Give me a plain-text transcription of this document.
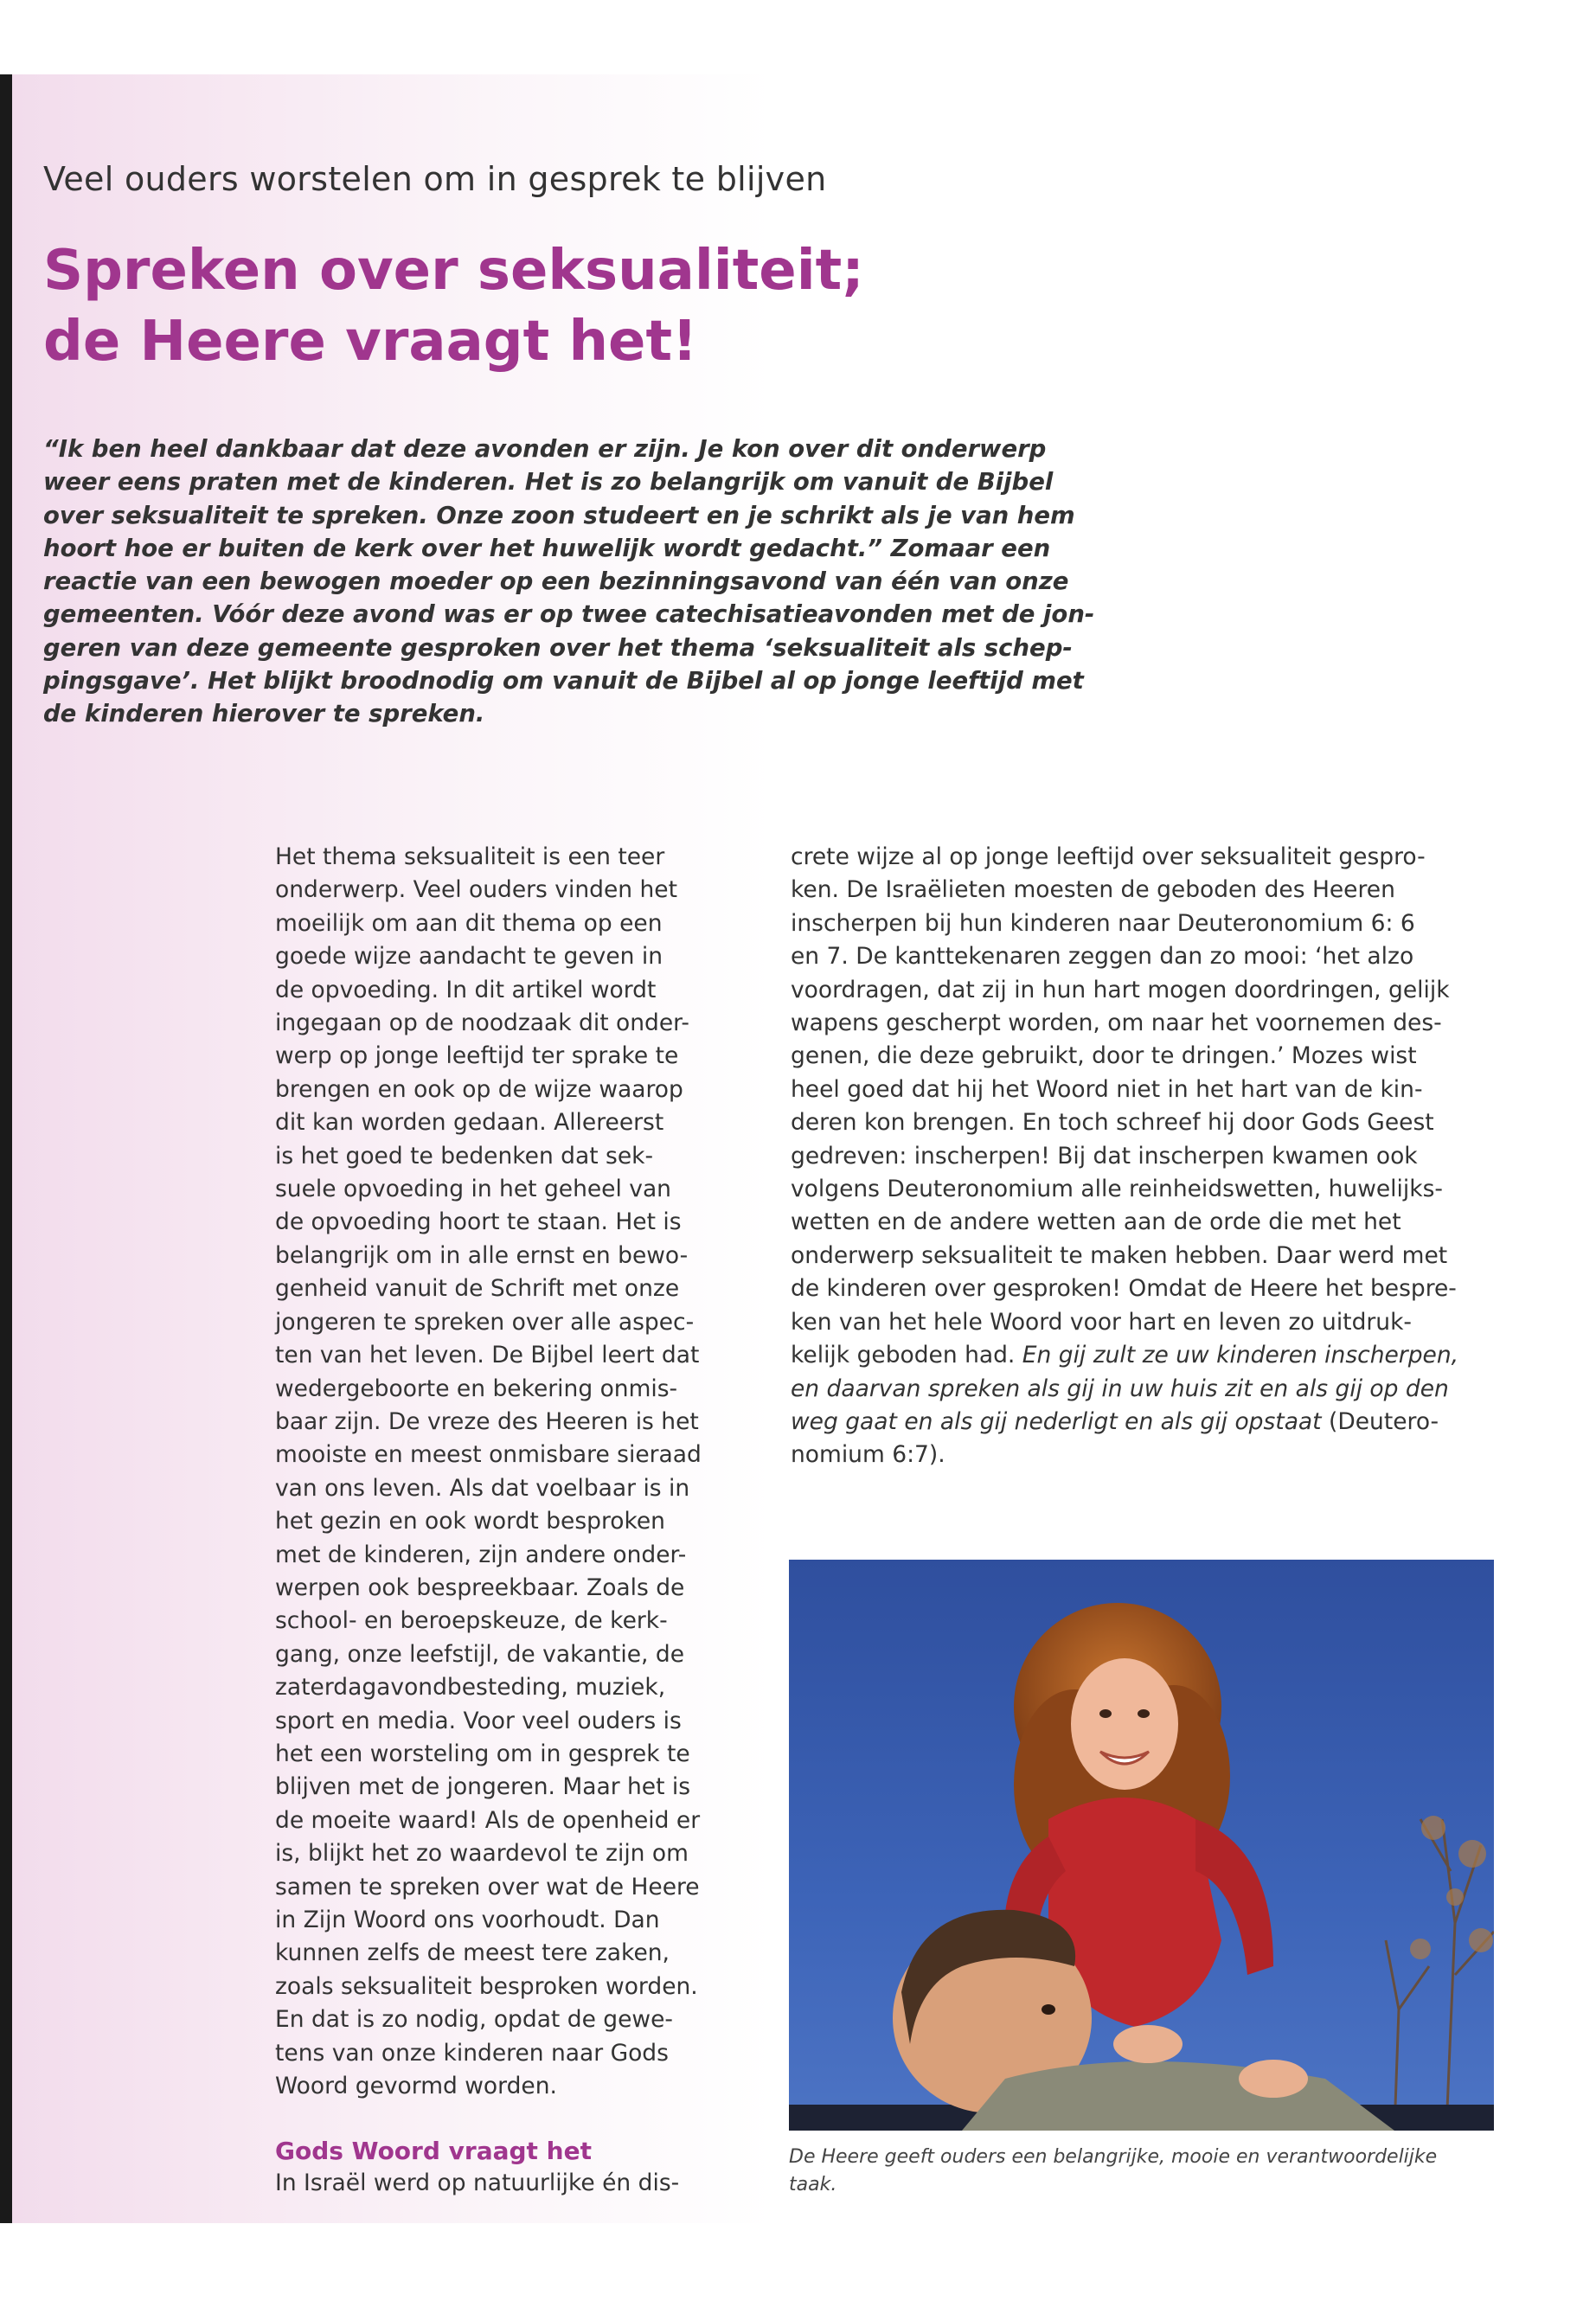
Veel ouders worstelen om in gesprek te blijven
Spreken over seksualiteit;
de Heere vraagt het!
“Ik ben heel dankbaar dat deze avonden er zijn. Je kon over dit onderwerp
weer eens praten met de kinderen. Het is zo belangrijk om vanuit de Bijbel
over seksualiteit te spreken. Onze zoon studeert en je schrikt als je van hem
hoort hoe er buiten de kerk over het huwelijk wordt gedacht.” Zomaar een
reactie van een bewogen moeder op een bezinningsavond van één van onze
gemeenten. Vóór deze avond was er op twee catechisatieavonden met de jon-
geren van deze gemeente gesproken over het thema ‘seksualiteit als schep-
pingsgave’. Het blijkt broodnodig om vanuit de Bijbel al op jonge leeftijd met
de kinderen hierover te spreken.
Het thema seksualiteit is een teer
onderwerp. Veel ouders vinden het
moeilijk om aan dit thema op een
goede wijze aandacht te geven in
de opvoeding. In dit artikel wordt
ingegaan op de noodzaak dit onder-
werp op jonge leeftijd ter sprake te
brengen en ook op de wijze waarop
dit kan worden gedaan. Allereerst
is het goed te bedenken dat sek-
suele opvoeding in het geheel van
de opvoeding hoort te staan. Het is
belangrijk om in alle ernst en bewo-
genheid vanuit de Schrift met onze
jongeren te spreken over alle aspec-
ten van het leven. De Bijbel leert dat
wedergeboorte en bekering onmis-
baar zijn. De vreze des Heeren is het
mooiste en meest onmisbare sieraad
van ons leven. Als dat voelbaar is in
het gezin en ook wordt besproken
met de kinderen, zijn andere onder-
werpen ook bespreekbaar. Zoals de
school- en beroepskeuze, de kerk-
gang, onze leefstijl, de vakantie, de
zaterdagavondbesteding, muziek,
sport en media. Voor veel ouders is
het een worsteling om in gesprek te
blijven met de jongeren. Maar het is
de moeite waard! Als de openheid er
is, blijkt het zo waardevol te zijn om
samen te spreken over wat de Heere
in Zijn Woord ons voorhoudt. Dan
kunnen zelfs de meest tere zaken,
zoals seksualiteit besproken worden.
En dat is zo nodig, opdat de gewe-
tens van onze kinderen naar Gods
Woord gevormd worden.
Gods Woord vraagt het
In Israël werd op natuurlijke én dis-
crete wijze al op jonge leeftijd over seksualiteit gespro-
ken. De Israëlieten moesten de geboden des Heeren
inscherpen bij hun kinderen naar Deuteronomium 6: 6
en 7. De kanttekenaren zeggen dan zo mooi: ‘het alzo
voordragen, dat zij in hun hart mogen doordringen, gelijk
wapens gescherpt worden, om naar het voornemen des-
genen, die deze gebruikt, door te dringen.’ Mozes wist
heel goed dat hij het Woord niet in het hart van de kin-
deren kon brengen. En toch schreef hij door Gods Geest
gedreven: inscherpen! Bij dat inscherpen kwamen ook
volgens Deuteronomium alle reinheidswetten, huwelijks-
wetten en de andere wetten aan de orde die met het
onderwerp seksualiteit te maken hebben. Daar werd met
de kinderen over gesproken! Omdat de Heere het bespre-
ken van het hele Woord voor hart en leven zo uitdruk-
kelijk geboden had. En gij zult ze uw kinderen inscherpen,
en daarvan spreken als gij in uw huis zit en als gij op den
weg gaat en als gij nederligt en als gij opstaat (Deutero-
nomium 6:7).
De Heere geeft ouders een belangrijke, mooie en verantwoordelijke
taak.
